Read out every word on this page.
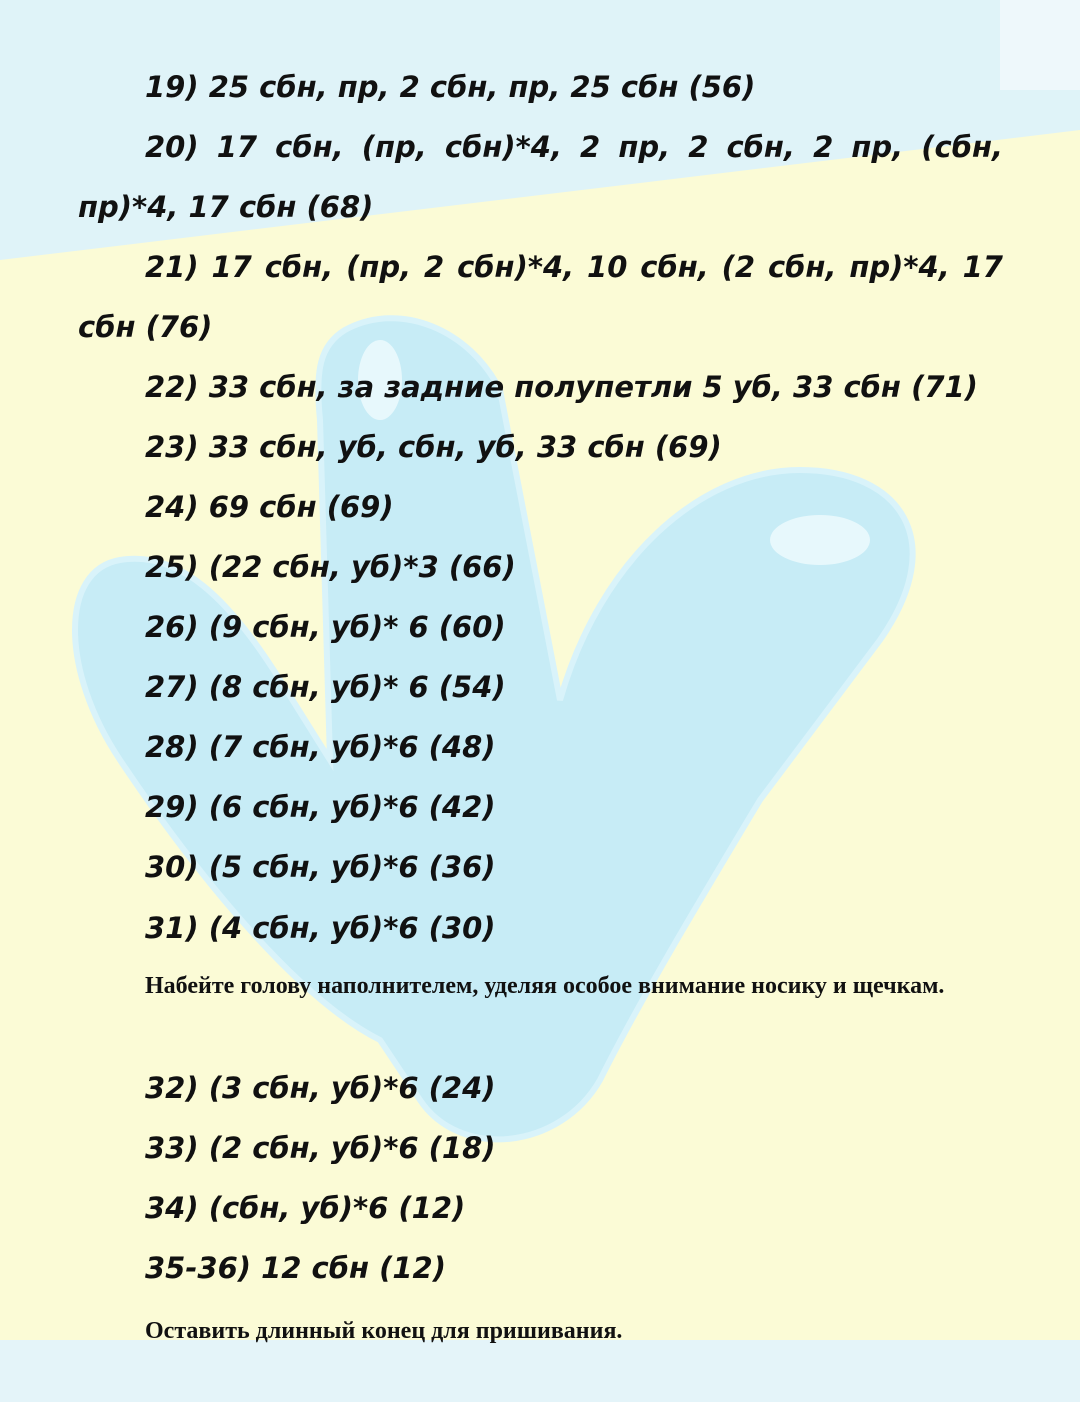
19) 25 сбн, пр, 2 сбн, пр, 25 сбн (56)

20) 17 сбн, (пр, сбн)*4, 2 пр, 2 сбн, 2 пр, (сбн, пр)*4, 17 сбн (68)

21) 17 сбн, (пр, 2 сбн)*4, 10 сбн, (2 сбн, пр)*4, 17 сбн (76)

22) 33 сбн, за задние полупетли 5 уб, 33 сбн (71)

23) 33 сбн, уб, сбн, уб, 33 сбн (69)

24) 69 сбн (69)

25) (22 сбн, уб)*3 (66)

26) (9 сбн, уб)* 6 (60)

27) (8 сбн, уб)* 6 (54)

28) (7 сбн, уб)*6 (48)

29) (6 сбн, уб)*6 (42)

30) (5 сбн, уб)*6 (36)

31) (4 сбн, уб)*6 (30)

Набейте голову наполнителем, уделяя особое внимание носику и щечкам.

32) (3 сбн, уб)*6 (24)

33) (2 сбн, уб)*6 (18)

34) (сбн, уб)*6 (12)

35-36) 12 сбн (12)

Оставить длинный конец для пришивания.
